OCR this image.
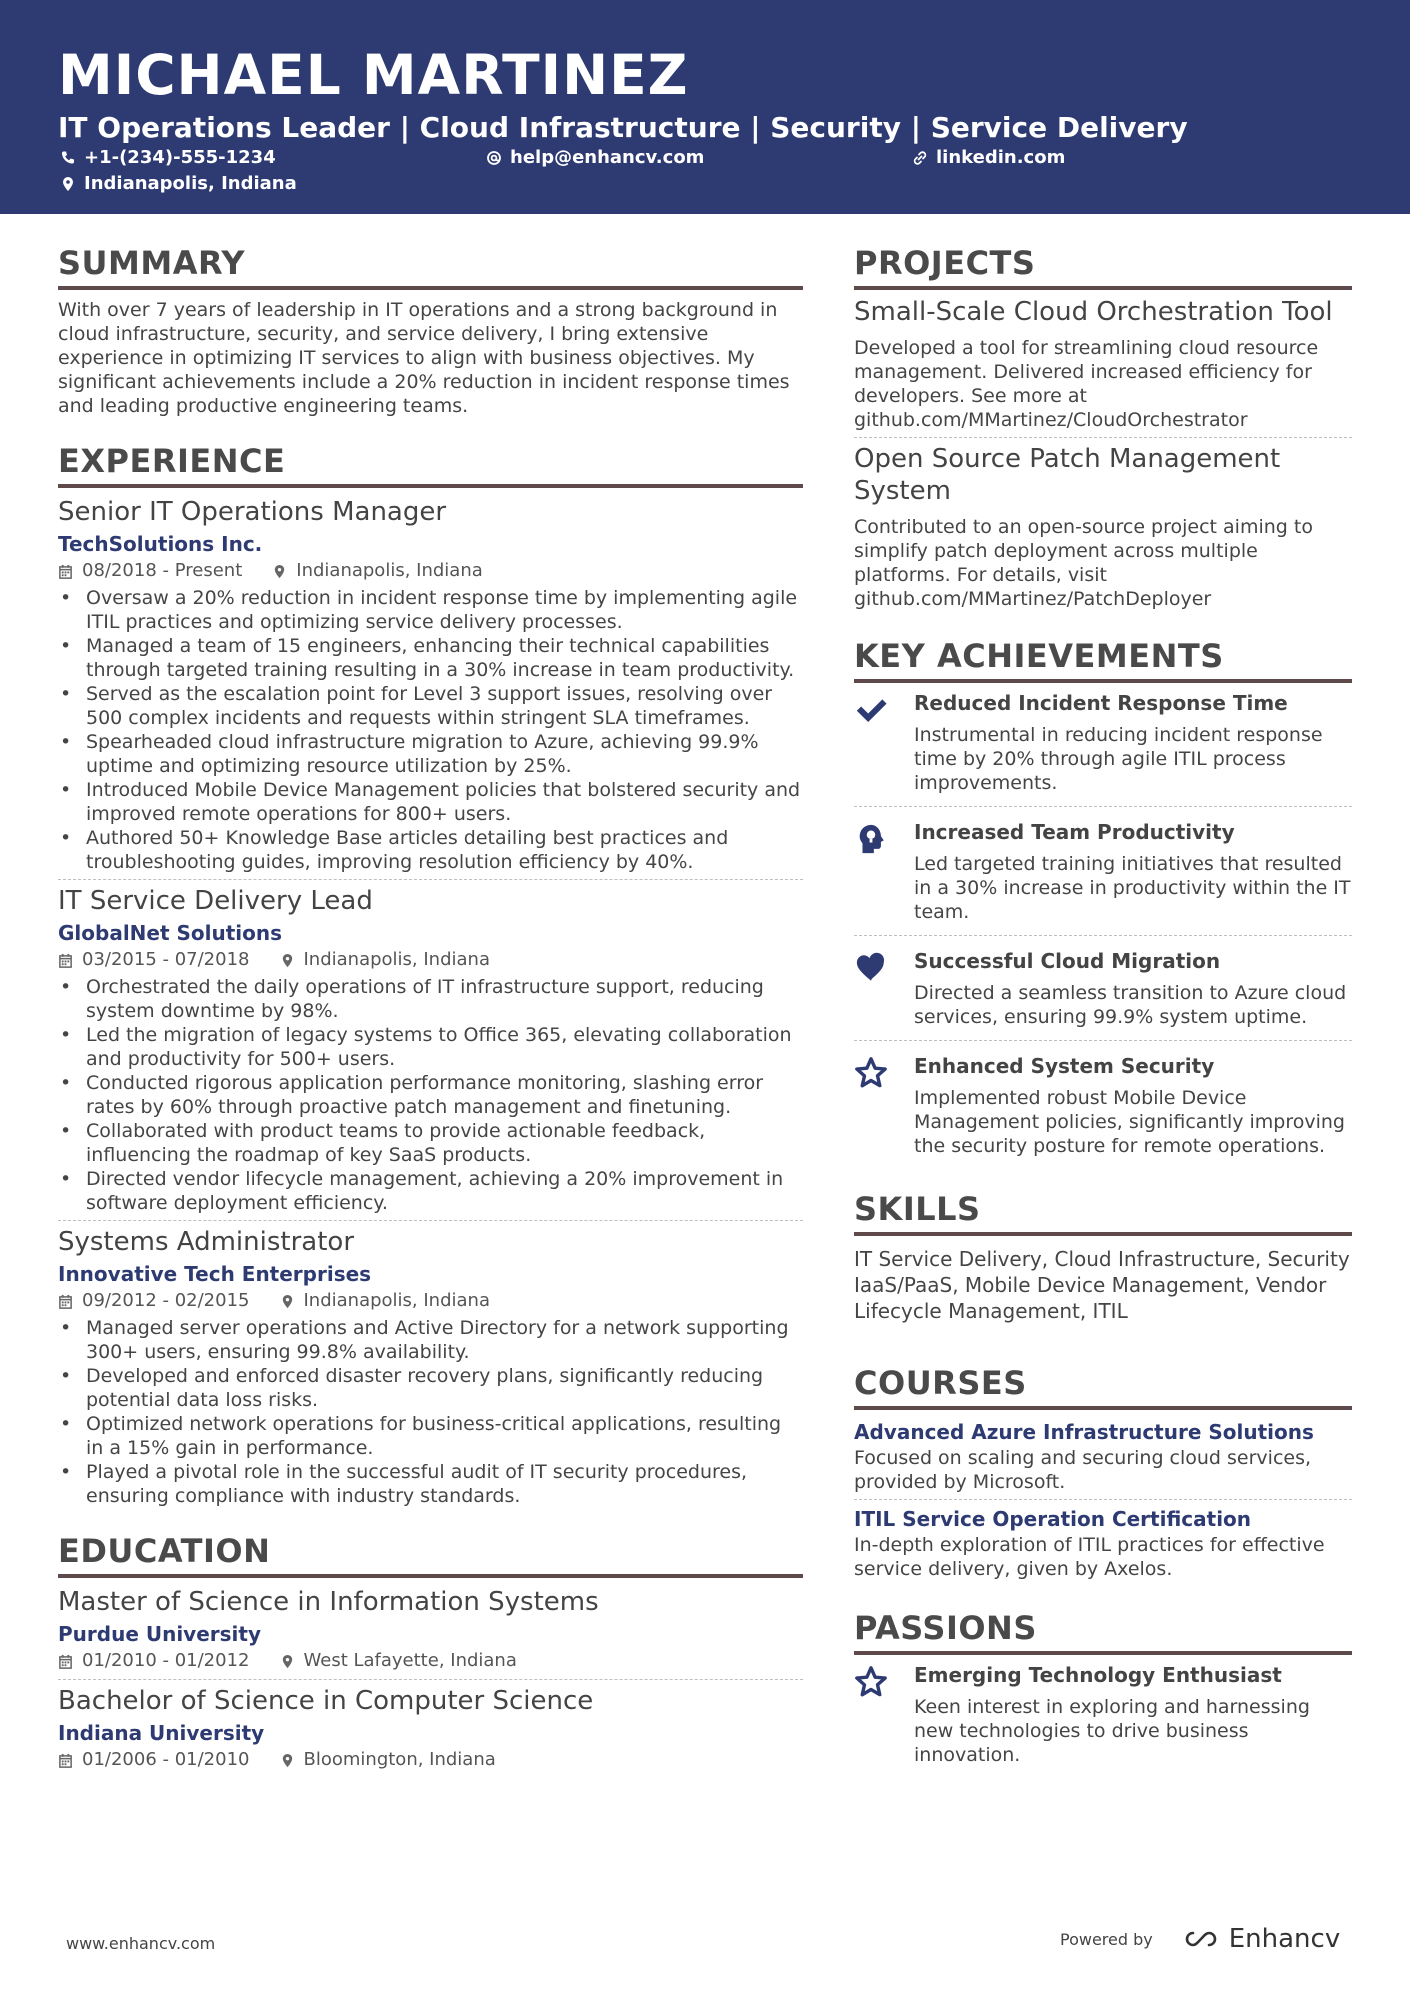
MICHAEL MARTINEZ
IT Operations Leader | Cloud Infrastructure | Security | Service Delivery
+1-(234)-555-1234	help@enhancv.com	linkedin.com
Indianapolis, Indiana
SUMMARY
With over 7 years of leadership in IT operations and a strong background in cloud infrastructure, security, and service delivery, I bring extensive experience in optimizing IT services to align with business objectives. My significant achievements include a 20% reduction in incident response times and leading productive engineering teams.
EXPERIENCE
Senior IT Operations Manager
TechSolutions Inc.
08/2018 - Present	Indianapolis, Indiana
• Oversaw a 20% reduction in incident response time by implementing agile ITIL practices and optimizing service delivery processes.
• Managed a team of 15 engineers, enhancing their technical capabilities through targeted training resulting in a 30% increase in team productivity.
• Served as the escalation point for Level 3 support issues, resolving over 500 complex incidents and requests within stringent SLA timeframes.
• Spearheaded cloud infrastructure migration to Azure, achieving 99.9% uptime and optimizing resource utilization by 25%.
• Introduced Mobile Device Management policies that bolstered security and improved remote operations for 800+ users.
• Authored 50+ Knowledge Base articles detailing best practices and troubleshooting guides, improving resolution efficiency by 40%.
IT Service Delivery Lead
GlobalNet Solutions
03/2015 - 07/2018	Indianapolis, Indiana
• Orchestrated the daily operations of IT infrastructure support, reducing system downtime by 98%.
• Led the migration of legacy systems to Office 365, elevating collaboration and productivity for 500+ users.
• Conducted rigorous application performance monitoring, slashing error rates by 60% through proactive patch management and finetuning.
• Collaborated with product teams to provide actionable feedback, influencing the roadmap of key SaaS products.
• Directed vendor lifecycle management, achieving a 20% improvement in software deployment efficiency.
Systems Administrator
Innovative Tech Enterprises
09/2012 - 02/2015	Indianapolis, Indiana
• Managed server operations and Active Directory for a network supporting 300+ users, ensuring 99.8% availability.
• Developed and enforced disaster recovery plans, significantly reducing potential data loss risks.
• Optimized network operations for business-critical applications, resulting in a 15% gain in performance.
• Played a pivotal role in the successful audit of IT security procedures, ensuring compliance with industry standards.
EDUCATION
Master of Science in Information Systems
Purdue University
01/2010 - 01/2012	West Lafayette, Indiana
Bachelor of Science in Computer Science
Indiana University
01/2006 - 01/2010	Bloomington, Indiana
PROJECTS
Small-Scale Cloud Orchestration Tool
Developed a tool for streamlining cloud resource management. Delivered increased efficiency for developers. See more at github.com/MMartinez/CloudOrchestrator
Open Source Patch Management System
Contributed to an open-source project aiming to simplify patch deployment across multiple platforms. For details, visit github.com/MMartinez/PatchDeployer
KEY ACHIEVEMENTS
Reduced Incident Response Time
Instrumental in reducing incident response time by 20% through agile ITIL process improvements.
Increased Team Productivity
Led targeted training initiatives that resulted in a 30% increase in productivity within the IT team.
Successful Cloud Migration
Directed a seamless transition to Azure cloud services, ensuring 99.9% system uptime.
Enhanced System Security
Implemented robust Mobile Device Management policies, significantly improving the security posture for remote operations.
SKILLS
IT Service Delivery, Cloud Infrastructure, Security IaaS/PaaS, Mobile Device Management, Vendor Lifecycle Management, ITIL
COURSES
Advanced Azure Infrastructure Solutions
Focused on scaling and securing cloud services, provided by Microsoft.
ITIL Service Operation Certification
In-depth exploration of ITIL practices for effective service delivery, given by Axelos.
PASSIONS
Emerging Technology Enthusiast
Keen interest in exploring and harnessing new technologies to drive business innovation.
www.enhancv.com	Powered by	Enhancv
